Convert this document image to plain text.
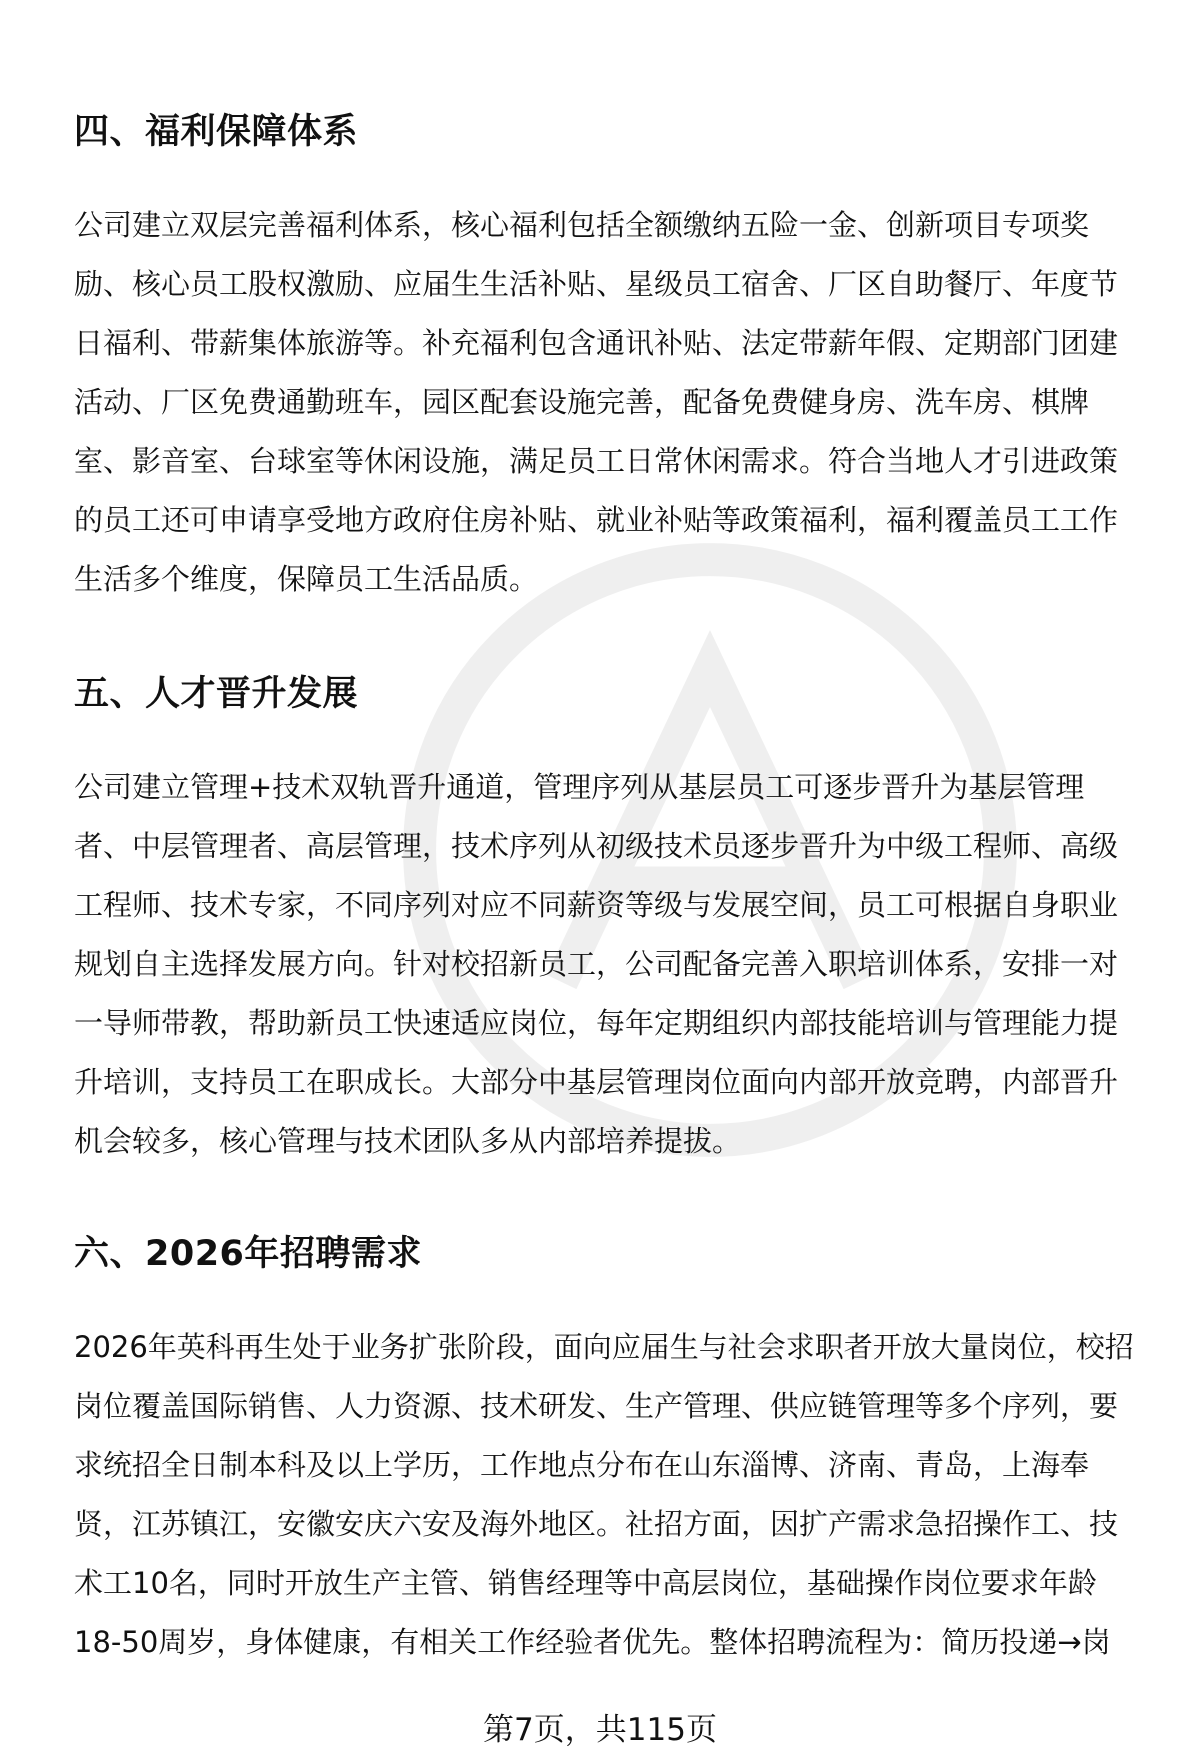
四、福利保障体系

公司建立双层完善福利体系，核心福利包括全额缴纳五险一金、创新项目专项奖

励、核心员工股权激励、应届生生活补贴、星级员工宿舍、厂区自助餐厅、年度节

日福利、带薪集体旅游等。补充福利包含通讯补贴、法定带薪年假、定期部门团建

活动、厂区免费通勤班车，园区配套设施完善，配备免费健身房、洗车房、棋牌

室、影音室、台球室等休闲设施，满足员工日常休闲需求。符合当地人才引进政策

的员工还可申请享受地方政府住房补贴、就业补贴等政策福利，福利覆盖员工工作

生活多个维度，保障员工生活品质。

五、人才晋升发展

公司建立管理+技术双轨晋升通道，管理序列从基层员工可逐步晋升为基层管理

者、中层管理者、高层管理，技术序列从初级技术员逐步晋升为中级工程师、高级

工程师、技术专家，不同序列对应不同薪资等级与发展空间，员工可根据自身职业

规划自主选择发展方向。针对校招新员工，公司配备完善入职培训体系，安排一对

一导师带教，帮助新员工快速适应岗位，每年定期组织内部技能培训与管理能力提

升培训，支持员工在职成长。大部分中基层管理岗位面向内部开放竞聘，内部晋升

机会较多，核心管理与技术团队多从内部培养提拔。

六、2026年招聘需求

2026年英科再生处于业务扩张阶段，面向应届生与社会求职者开放大量岗位，校招

岗位覆盖国际销售、人力资源、技术研发、生产管理、供应链管理等多个序列，要

求统招全日制本科及以上学历，工作地点分布在山东淄博、济南、青岛，上海奉

贤，江苏镇江，安徽安庆六安及海外地区。社招方面，因扩产需求急招操作工、技

术工10名，同时开放生产主管、销售经理等中高层岗位，基础操作岗位要求年龄

18-50周岁，身体健康，有相关工作经验者优先。整体招聘流程为：简历投递→岗

第7页，共115页
